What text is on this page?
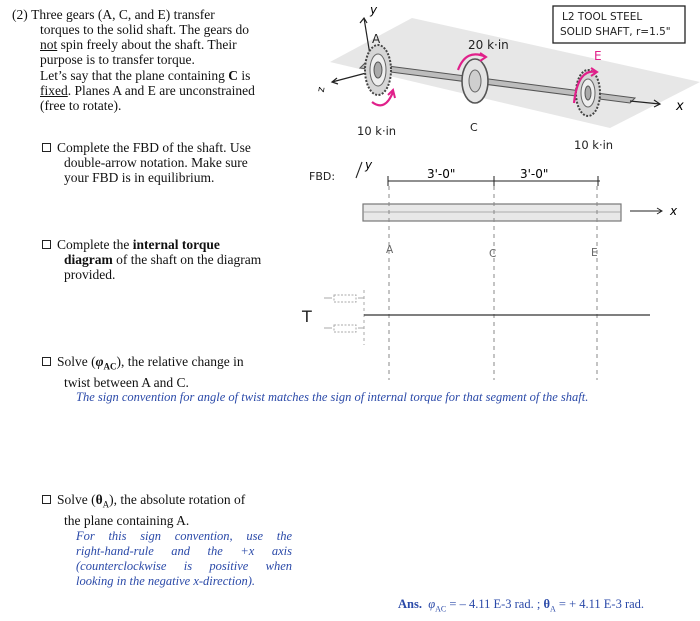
(2) Three gears (A, C, and E) transfer
torques to the solid shaft. The gears do
not spin freely about the shaft. Their
purpose is to transfer torque.
Let’s say that the plane containing C is
fixed. Planes A and E are unconstrained
(free to rotate).
Complete the FBD of the shaft. Use
double-arrow notation. Make sure
your FBD is in equilibrium.
Complete the internal torque
diagram of the shaft on the diagram
provided.
Solve $(\varphi_{AC})$, the relative change in
twist between A and C.
The sign convention for angle of twist matches the sign of internal torque for that segment of the shaft.
Solve $(\theta_A)$, the absolute rotation of
the plane containing A.
For this sign convention, use the
right-hand-rule and the +x axis
(counterclockwise is positive when
looking in the negative x-direction).
Ans. $\varphi_{AC}$ = – 4.11 E-3 rad. ; $\theta_A$ = + 4.11 E-3 rad.
L2 TOOL STEEL
SOLID SHAFT, r=1.5"
y
z
x
A
10 k·in
20 k·in
C
E
10 k·in
FBD:
y
3'-0"	3'-0"
x
A	C	E
T
